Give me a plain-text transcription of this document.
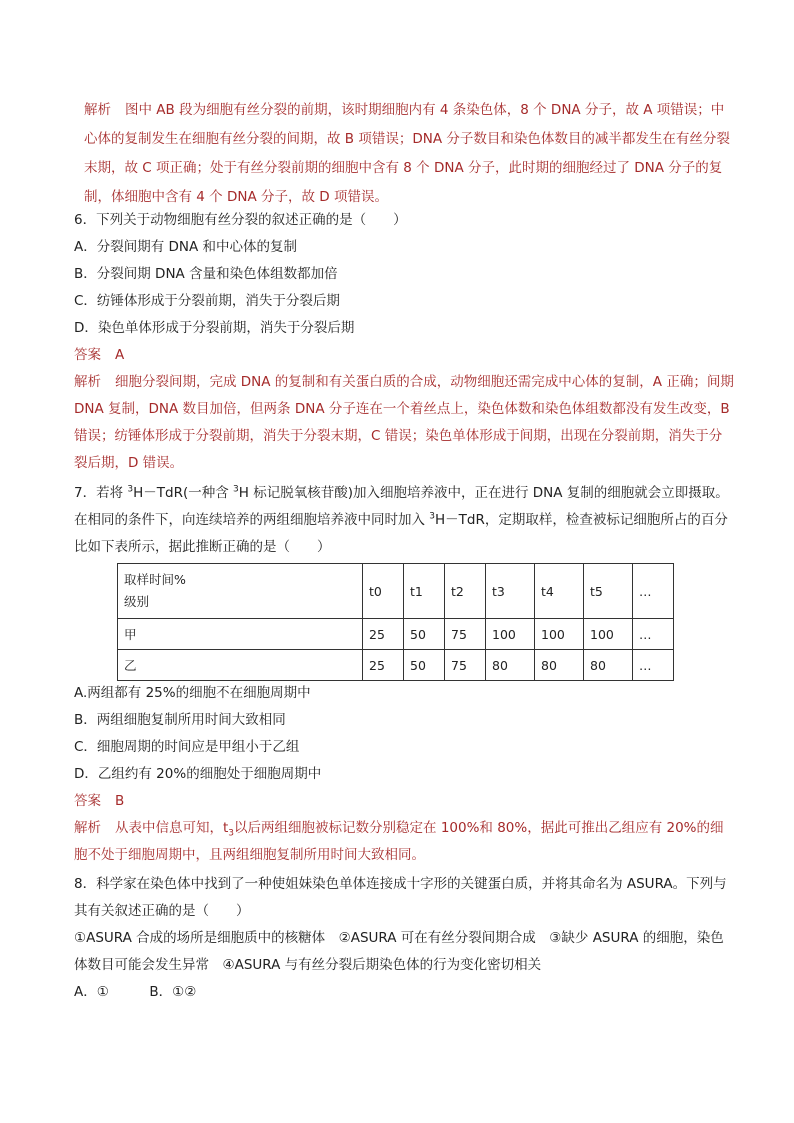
解析 图中 AB 段为细胞有丝分裂的前期，该时期细胞内有 4 条染色体，8 个 DNA 分子，故 A 项错误；中心体的复制发生在细胞有丝分裂的间期，故 B 项错误；DNA 分子数目和染色体数目的减半都发生在有丝分裂末期，故 C 项正确；处于有丝分裂前期的细胞中含有 8 个 DNA 分子，此时期的细胞经过了 DNA 分子的复制，体细胞中含有 4 个 DNA 分子，故 D 项错误。
6．下列关于动物细胞有丝分裂的叙述正确的是（　　）
A．分裂间期有 DNA 和中心体的复制
B．分裂间期 DNA 含量和染色体组数都加倍
C．纺锤体形成于分裂前期，消失于分裂后期
D．染色单体形成于分裂前期，消失于分裂后期
答案 A
解析 细胞分裂间期，完成 DNA 的复制和有关蛋白质的合成，动物细胞还需完成中心体的复制，A 正确；间期 DNA 复制，DNA 数目加倍，但两条 DNA 分子连在一个着丝点上，染色体数和染色体组数都没有发生改变，B 错误；纺锤体形成于分裂前期，消失于分裂末期，C 错误；染色单体形成于间期，出现在分裂前期，消失于分裂后期，D 错误。
7．若将 $^3$H－TdR(一种含 $^3$H 标记脱氧核苷酸)加入细胞培养液中，正在进行 DNA 复制的细胞就会立即摄取。在相同的条件下，向连续培养的两组细胞培养液中同时加入 $^3$H－TdR，定期取样，检查被标记细胞所占的百分比如下表所示，据此推断正确的是（　　）
取样时间%
级别	t0	t1	t2	t3	t4	t5	…
甲	25	50	75	100	100	100	…
乙	25	50	75	80	80	80	…
A.两组都有 25%的细胞不在细胞周期中
B．两组细胞复制所用时间大致相同
C．细胞周期的时间应是甲组小于乙组
D．乙组约有 20%的细胞处于细胞周期中
答案 B
解析 从表中信息可知，$t_3$以后两组细胞被标记数分别稳定在 100%和 80%，据此可推出乙组应有 20%的细胞不处于细胞周期中，且两组细胞复制所用时间大致相同。
8．科学家在染色体中找到了一种使姐妹染色单体连接成十字形的关键蛋白质，并将其命名为 ASURA。下列与其有关叙述正确的是（　　）
①ASURA 合成的场所是细胞质中的核糖体　②ASURA 可在有丝分裂间期合成　③缺少 ASURA 的细胞，染色体数目可能会发生异常　④ASURA 与有丝分裂后期染色体的行为变化密切相关
A．①　　　B．①②
